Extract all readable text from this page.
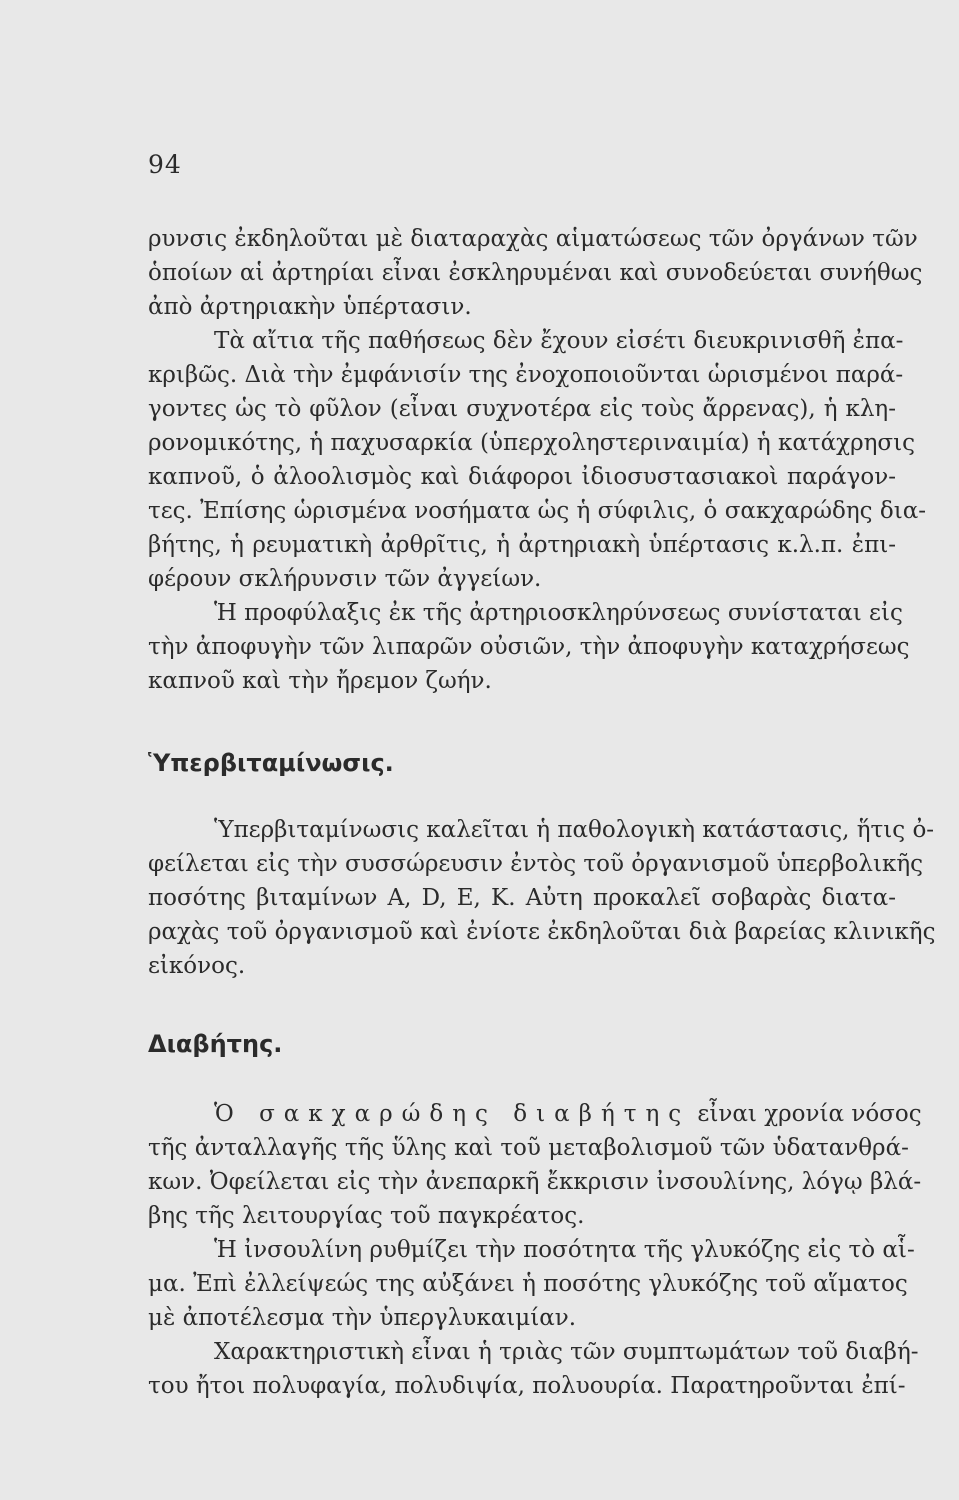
94
ρυνσις ἐκδηλοῦται μὲ διαταραχὰς αἱματώσεως τῶν ὀργάνων τῶν
ὁποίων αἱ ἀρτηρίαι εἶναι ἐσκληρυμέναι καὶ συνοδεύεται συνήθως
ἀπὸ ἀρτηριακὴν ὑπέρτασιν.
Τὰ αἴτια τῆς παθήσεως δὲν ἔχουν εἰσέτι διευκρινισθῆ ἐπα-
κριβῶς. Διὰ τὴν ἐμφάνισίν της ἐνοχοποιοῦνται ὡρισμένοι παρά-
γοντες ὡς τὸ φῦλον (εἶναι συχνοτέρα εἰς τοὺς ἄρρενας), ἡ κλη-
ρονομικότης, ἡ παχυσαρκία (ὑπερχοληστεριναιμία) ἡ κατάχρησις
καπνοῦ, ὁ ἀλοολισμὸς καὶ διάφοροι ἰδιοσυστασιακοὶ παράγον-
τες. Ἐπίσης ὡρισμένα νοσήματα ὡς ἡ σύφιλις, ὁ σακχαρώδης δια-
βήτης, ἡ ρευματικὴ ἀρθρῖτις, ἡ ἀρτηριακὴ ὑπέρτασις κ.λ.π. ἐπι-
φέρουν σκλήρυνσιν τῶν ἀγγείων.
Ἡ προφύλαξις ἐκ τῆς ἀρτηριοσκληρύνσεως συνίσταται εἰς
τὴν ἀποφυγὴν τῶν λιπαρῶν οὐσιῶν, τὴν ἀποφυγὴν καταχρήσεως
καπνοῦ καὶ τὴν ἤρεμον ζωήν.
Ὑπερβιταμίνωσις.
Ὑπερβιταμίνωσις καλεῖται ἡ παθολογικὴ κατάστασις, ἥτις ὀ-
φείλεται εἰς τὴν συσσώρευσιν ἐντὸς τοῦ ὀργανισμοῦ ὑπερβολικῆς
ποσότης βιταμίνων Α, D, Ε, Κ. Αὐτη προκαλεῖ σοβαρὰς διατα-
ραχὰς τοῦ ὀργανισμοῦ καὶ ἐνίοτε ἐκδηλοῦται διὰ βαρείας κλινικῆς
εἰκόνος.
Διαβήτης.
Ὁ σακχαρώδης διαβήτης εἶναι χρονία νόσος
τῆς ἀνταλλαγῆς τῆς ὕλης καὶ τοῦ μεταβολισμοῦ τῶν ὑδατανθρά-
κων. Ὀφείλεται εἰς τὴν ἀνεπαρκῆ ἔκκρισιν ἰνσουλίνης, λόγῳ βλά-
βης τῆς λειτουργίας τοῦ παγκρέατος.
Ἡ ἰνσουλίνη ρυθμίζει τὴν ποσότητα τῆς γλυκόζης εἰς τὸ αἷ-
μα. Ἐπὶ ἐλλείψεώς της αὐξάνει ἡ ποσότης γλυκόζης τοῦ αἵματος
μὲ ἀποτέλεσμα τὴν ὑπεργλυκαιμίαν.
Χαρακτηριστικὴ εἶναι ἡ τριὰς τῶν συμπτωμάτων τοῦ διαβή-
του ἤτοι πολυφαγία, πολυδιψία, πολυουρία. Παρατηροῦνται ἐπί-
